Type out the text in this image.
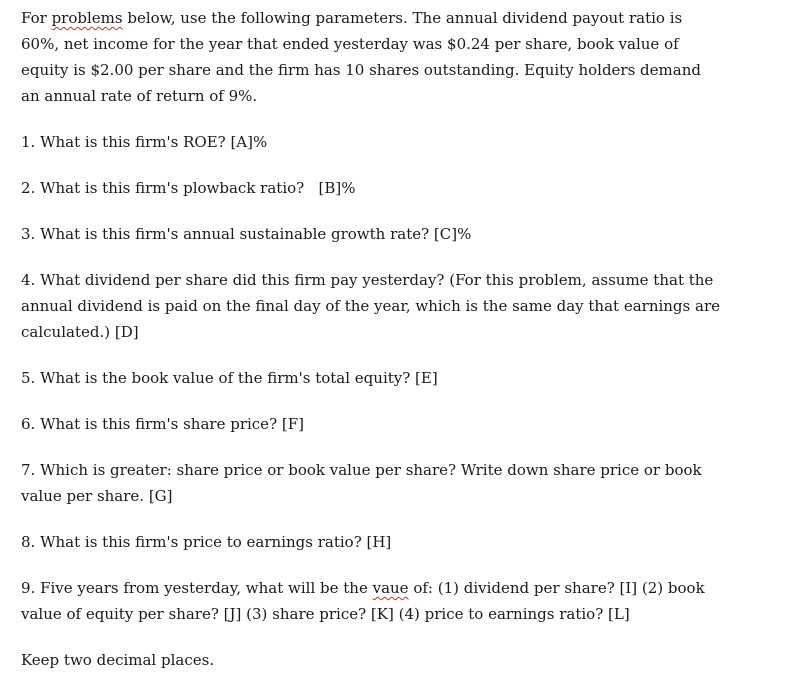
For problems below, use the following parameters. The annual dividend payout ratio is 60%, net income for the year that ended yesterday was $0.24 per share, book value of equity is $2.00 per share and the firm has 10 shares outstanding. Equity holders demand an annual rate of return of 9%.

1. What is this firm's ROE? [A]%

2. What is this firm's plowback ratio?   [B]%

3. What is this firm's annual sustainable growth rate? [C]%

4. What dividend per share did this firm pay yesterday? (For this problem, assume that the annual dividend is paid on the final day of the year, which is the same day that earnings are calculated.) [D]

5. What is the book value of the firm's total equity? [E]

6. What is this firm's share price? [F]

7. Which is greater: share price or book value per share? Write down share price or book value per share. [G]

8. What is this firm's price to earnings ratio? [H]

9. Five years from yesterday, what will be the vaue of: (1) dividend per share? [I] (2) book value of equity per share? [J] (3) share price? [K] (4) price to earnings ratio? [L]

Keep two decimal places.
